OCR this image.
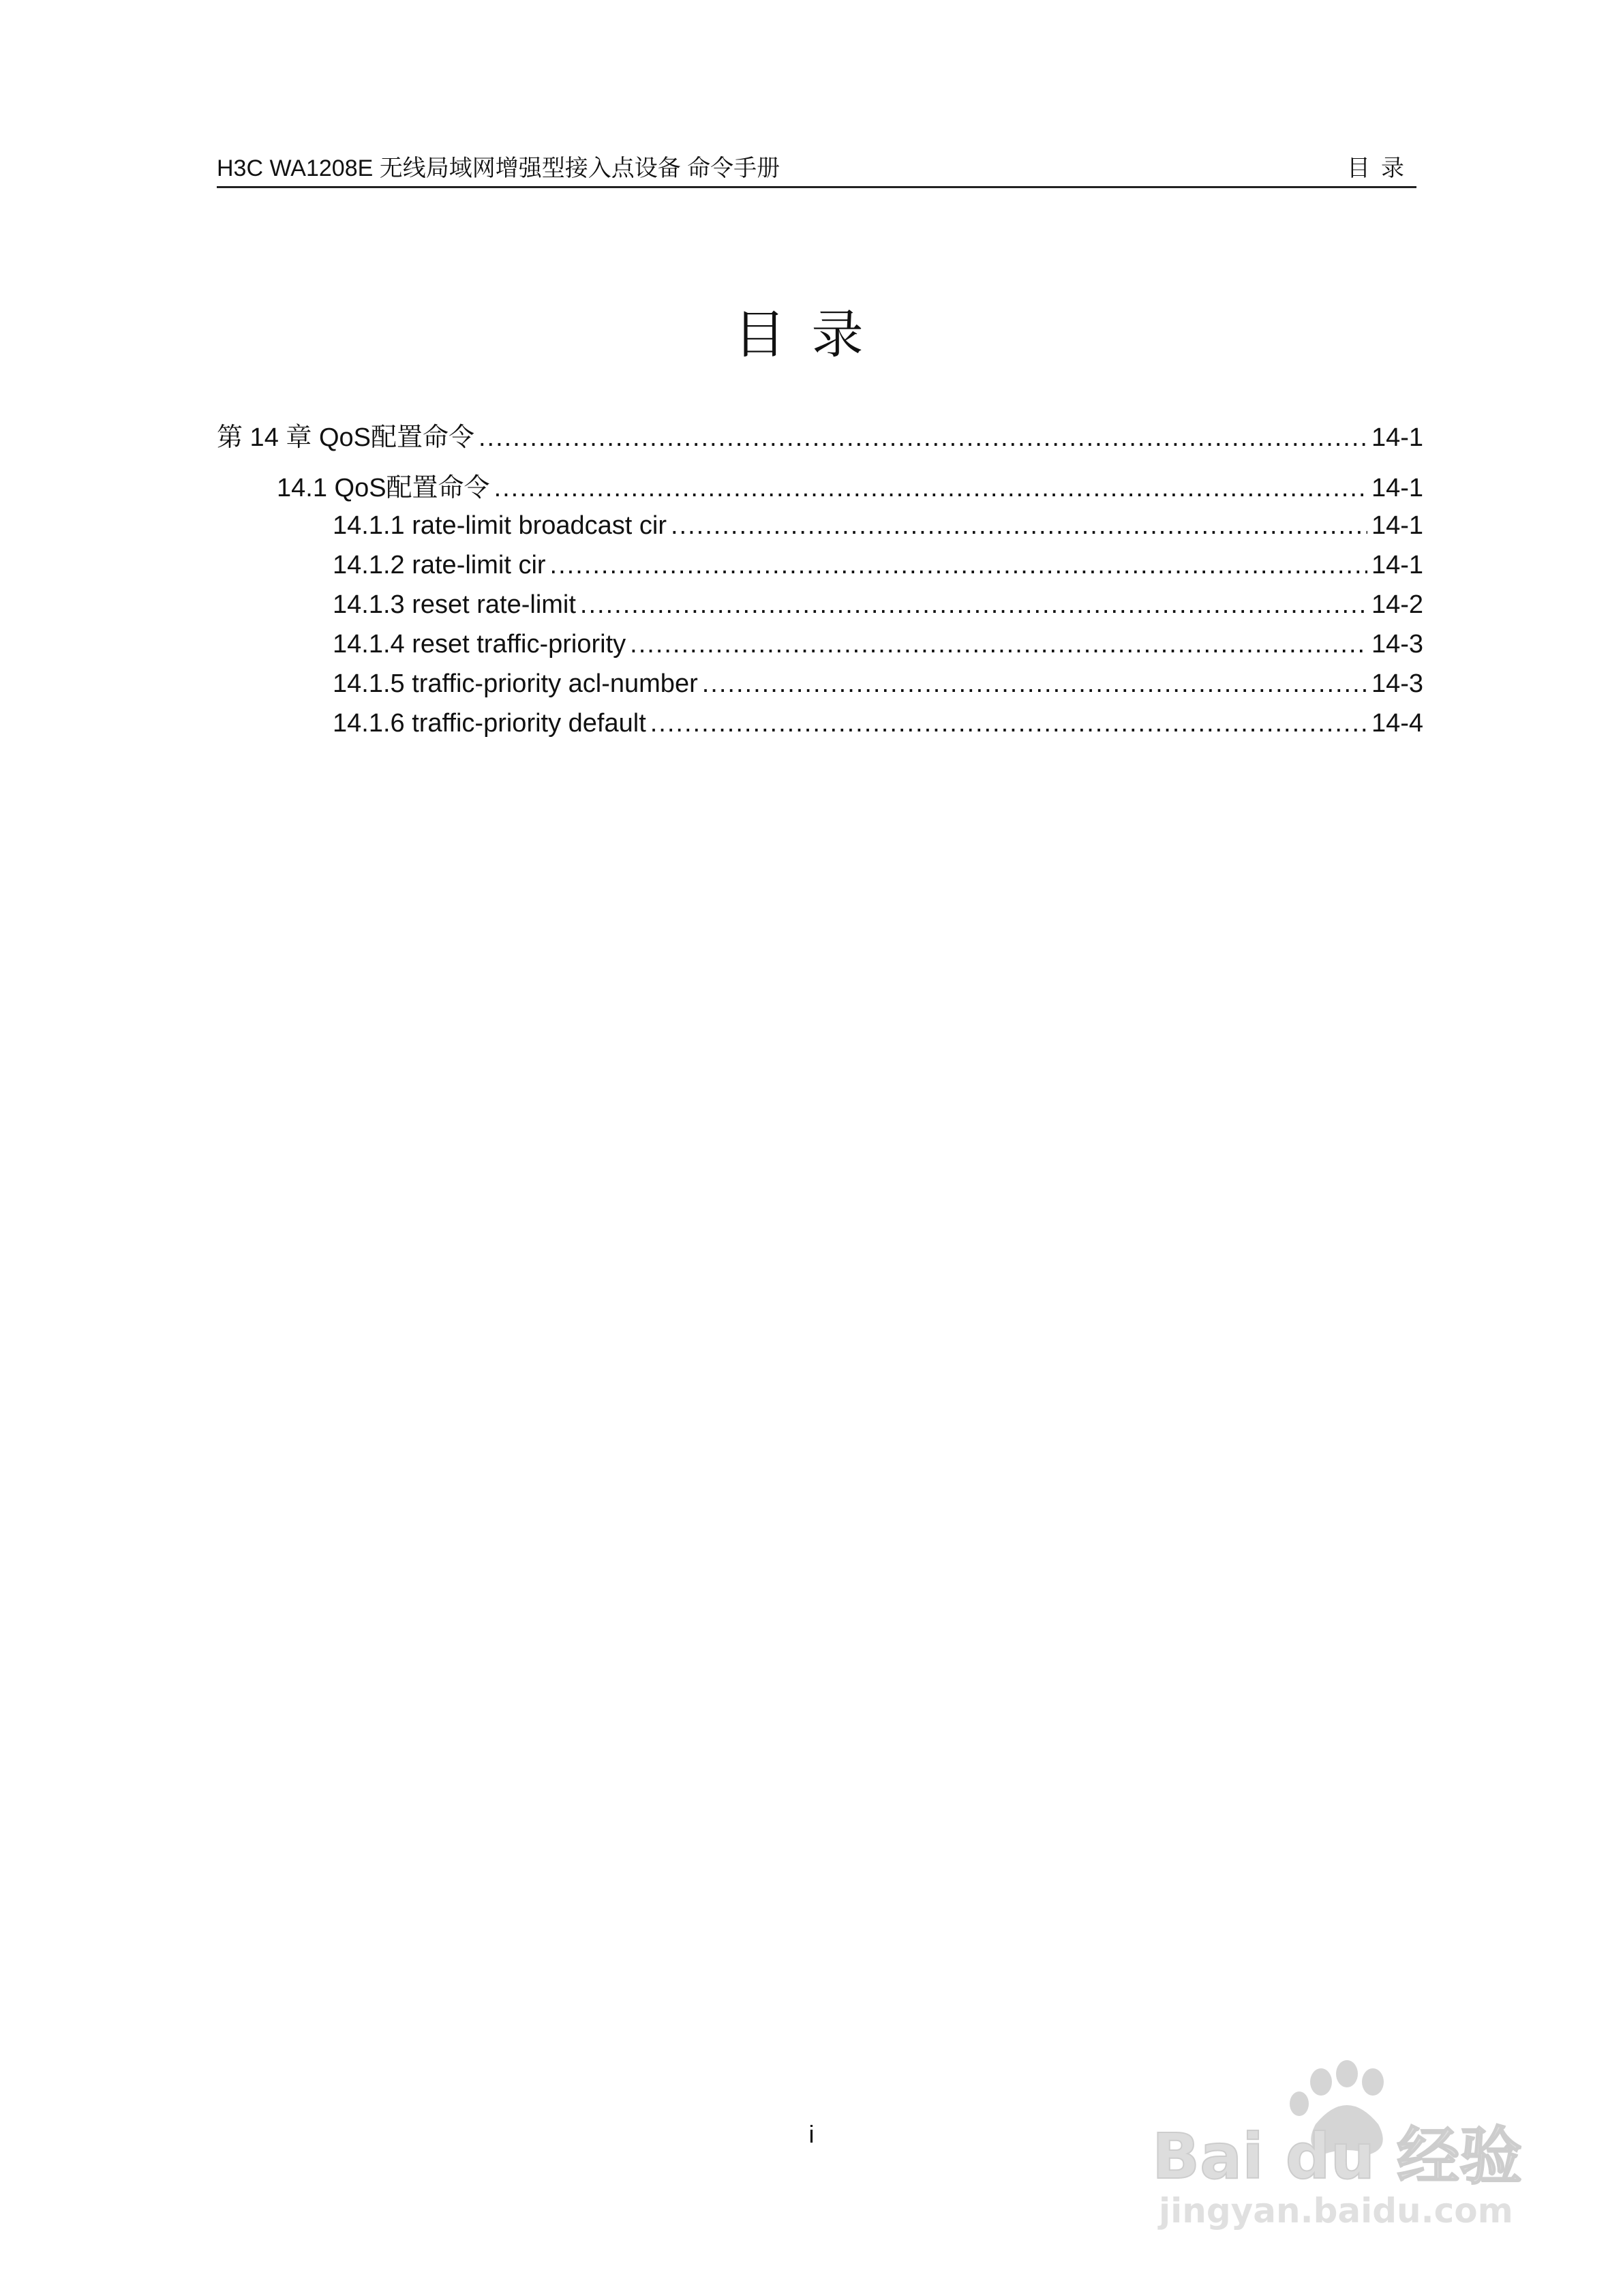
H3C WA1208E 无线局域网增强型接入点设备 命令手册	目录
目录
第 14 章 QoS配置命令 .....	14-1
14.1 QoS配置命令 .....	14-1
14.1.1 rate-limit broadcast cir .....	14-1
14.1.2 rate-limit cir .....	14-1
14.1.3 reset rate-limit .....	14-2
14.1.4 reset traffic-priority .....	14-3
14.1.5 traffic-priority acl-number .....	14-3
14.1.6 traffic-priority default .....	14-4
i	Bai du 经验
jingyan.baidu.com
